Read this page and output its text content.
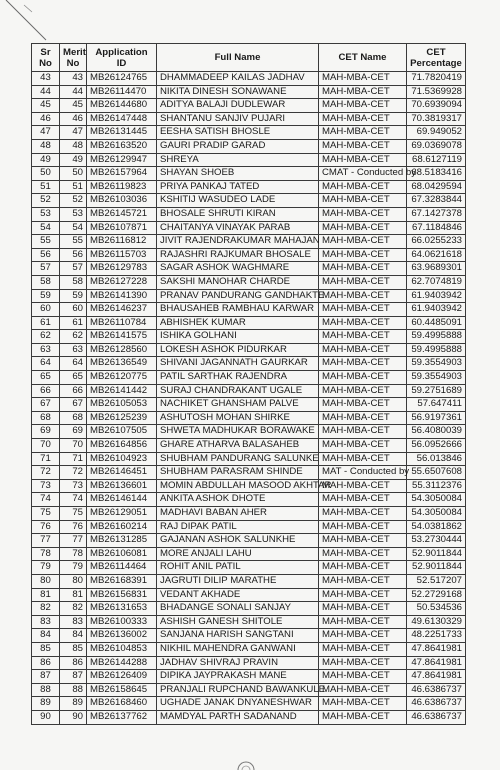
Sr No	Merit No	Application ID	Full Name	CET Name	CET Percentage
43	43	MB26124765	DHAMMADEEP KAILAS JADHAV	MAH-MBA-CET	71.7820419
44	44	MB26114470	NIKITA DINESH SONAWANE	MAH-MBA-CET	71.5369928
45	45	MB26144680	ADITYA BALAJI DUDLEWAR	MAH-MBA-CET	70.6939094
46	46	MB26147448	SHANTANU SANJIV PUJARI	MAH-MBA-CET	70.3819317
47	47	MB26131445	EESHA SATISH BHOSLE	MAH-MBA-CET	69.949052
48	48	MB26163520	GAURI PRADIP GARAD	MAH-MBA-CET	69.0369078
49	49	MB26129947	SHREYA	MAH-MBA-CET	68.6127119
50	50	MB26157964	SHAYAN SHOEB	CMAT - Conducted by	68.5183416
51	51	MB26119823	PRIYA PANKAJ TATED	MAH-MBA-CET	68.0429594
52	52	MB26103036	KSHITIJ WASUDEO LADE	MAH-MBA-CET	67.3283844
53	53	MB26145721	BHOSALE SHRUTI KIRAN	MAH-MBA-CET	67.1427378
54	54	MB26107871	CHAITANYA VINAYAK PARAB	MAH-MBA-CET	67.1184846
55	55	MB26116812	JIVIT RAJENDRAKUMAR MAHAJAN	MAH-MBA-CET	66.0255233
56	56	MB26115703	RAJASHRI RAJKUMAR BHOSALE	MAH-MBA-CET	64.0621618
57	57	MB26129783	SAGAR ASHOK WAGHMARE	MAH-MBA-CET	63.9689301
58	58	MB26127228	SAKSHI MANOHAR CHARDE	MAH-MBA-CET	62.7074819
59	59	MB26141390	PRANAV PANDURANG GANDHAKTE	MAH-MBA-CET	61.9403942
60	60	MB26146237	BHAUSAHEB RAMBHAU KARWAR	MAH-MBA-CET	61.9403942
61	61	MB26110784	ABHISHEK KUMAR	MAH-MBA-CET	60.4485091
62	62	MB26141575	ISHIKA GOLHANI	MAH-MBA-CET	59.4995888
63	63	MB26128560	LOKESH ASHOK PIDURKAR	MAH-MBA-CET	59.4995888
64	64	MB26136549	SHIVANI JAGANNATH GAURKAR	MAH-MBA-CET	59.3554903
65	65	MB26120775	PATIL SARTHAK RAJENDRA	MAH-MBA-CET	59.3554903
66	66	MB26141442	SURAJ CHANDRAKANT UGALE	MAH-MBA-CET	59.2751689
67	67	MB26105053	NACHIKET GHANSHAM PALVE	MAH-MBA-CET	57.647411
68	68	MB26125239	ASHUTOSH MOHAN SHIRKE	MAH-MBA-CET	56.9197361
69	69	MB26107505	SHWETA MADHUKAR BORAWAKE	MAH-MBA-CET	56.4080039
70	70	MB26164856	GHARE ATHARVA BALASAHEB	MAH-MBA-CET	56.0952666
71	71	MB26104923	SHUBHAM PANDURANG SALUNKE	MAH-MBA-CET	56.013846
72	72	MB26146451	SHUBHAM PARASRAM SHINDE	MAT - Conducted by	55.6507608
73	73	MB26136601	MOMIN ABDULLAH MASOOD AKHTAR	MAH-MBA-CET	55.3112376
74	74	MB26146144	ANKITA ASHOK DHOTE	MAH-MBA-CET	54.3050084
75	75	MB26129051	MADHAVI BABAN AHER	MAH-MBA-CET	54.3050084
76	76	MB26160214	RAJ DIPAK PATIL	MAH-MBA-CET	54.0381862
77	77	MB26131285	GAJANAN ASHOK SALUNKHE	MAH-MBA-CET	53.2730444
78	78	MB26106081	MORE ANJALI LAHU	MAH-MBA-CET	52.9011844
79	79	MB26114464	ROHIT ANIL PATIL	MAH-MBA-CET	52.9011844
80	80	MB26168391	JAGRUTI DILIP MARATHE	MAH-MBA-CET	52.517207
81	81	MB26156831	VEDANT AKHADE	MAH-MBA-CET	52.2729168
82	82	MB26131653	BHADANGE SONALI SANJAY	MAH-MBA-CET	50.534536
83	83	MB26100333	ASHISH GANESH SHITOLE	MAH-MBA-CET	49.6130329
84	84	MB26136002	SANJANA HARISH SANGTANI	MAH-MBA-CET	48.2251733
85	85	MB26104853	NIKHIL MAHENDRA GANWANI	MAH-MBA-CET	47.8641981
86	86	MB26144288	JADHAV SHIVRAJ PRAVIN	MAH-MBA-CET	47.8641981
87	87	MB26126409	DIPIKA JAYPRAKASH MANE	MAH-MBA-CET	47.8641981
88	88	MB26158645	PRANJALI RUPCHAND BAWANKULE	MAH-MBA-CET	46.6386737
89	89	MB26168460	UGHADE JANAK DNYANESHWAR	MAH-MBA-CET	46.6386737
90	90	MB26137762	MAMDYAL PARTH SADANAND	MAH-MBA-CET	46.6386737
